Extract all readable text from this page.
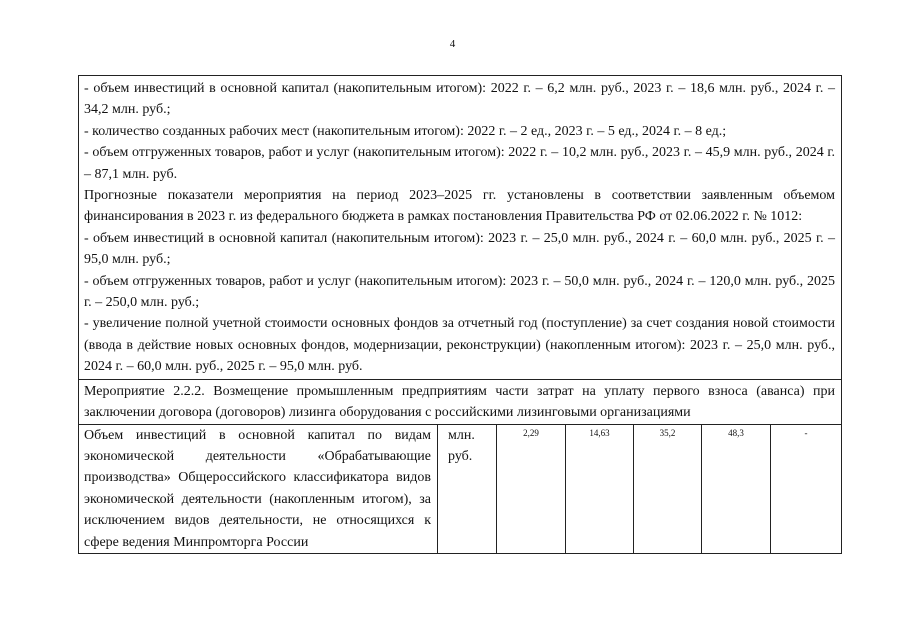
4

- объем инвестиций в основной капитал (накопительным итогом): 2022 г. – 6,2 млн. руб., 2023 г. – 18,6 млн. руб., 2024 г. – 34,2 млн. руб.;

- количество созданных рабочих мест (накопительным итогом): 2022 г. – 2 ед., 2023 г. – 5 ед., 2024 г. – 8 ед.;

- объем отгруженных товаров, работ и услуг (накопительным итогом): 2022 г. – 10,2 млн. руб., 2023 г. – 45,9 млн. руб., 2024 г. – 87,1 млн. руб.

Прогнозные показатели мероприятия на период 2023–2025 гг. установлены в соответствии заявленным объемом финансирования в 2023 г. из федерального бюджета в рамках постановления Правительства РФ от 02.06.2022 г. № 1012:

- объем инвестиций в основной капитал (накопительным итогом): 2023 г. – 25,0 млн. руб., 2024 г. – 60,0 млн. руб., 2025 г. – 95,0 млн. руб.;

- объем отгруженных товаров, работ и услуг (накопительным итогом): 2023 г. – 50,0 млн. руб., 2024 г. – 120,0 млн. руб., 2025 г. – 250,0 млн. руб.;

- увеличение полной учетной стоимости основных фондов за отчетный год (поступление) за счет создания новой стоимости (ввода в действие новых основных фондов, модернизации, реконструкции) (накопленным итогом): 2023 г. – 25,0 млн. руб., 2024 г. – 60,0 млн. руб., 2025 г. – 95,0 млн. руб.

Мероприятие 2.2.2. Возмещение промышленным предприятиям части затрат на уплату первого взноса (аванса) при заключении договора (договоров) лизинга оборудования с российскими лизинговыми организациями

Объем инвестиций в основной капитал по видам экономической деятельности «Обрабатывающие производства» Общероссийского классификатора видов экономической деятельности (накопленным итогом), за исключением видов деятельности, не относящихся к сфере ведения Минпромторга России	млн. руб.	2,29	14,63	35,2	48,3	-
